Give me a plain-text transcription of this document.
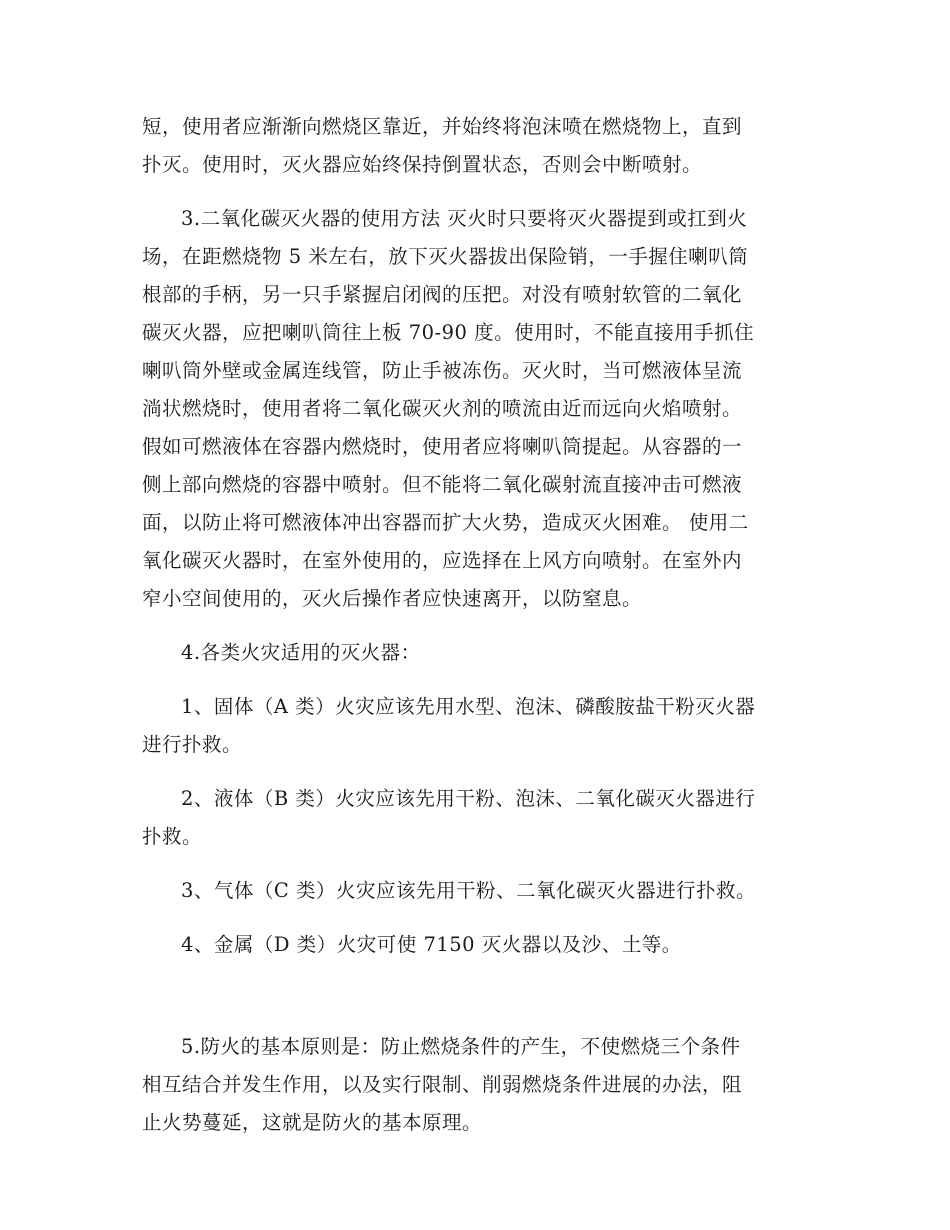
短，使用者应渐渐向燃烧区靠近，并始终将泡沫喷在燃烧物上，直到
扑灭。使用时，灭火器应始终保持倒置状态，否则会中断喷射。

3.二氧化碳灭火器的使用方法 灭火时只要将灭火器提到或扛到火
场，在距燃烧物 5 米左右，放下灭火器拔出保险销，一手握住喇叭筒
根部的手柄，另一只手紧握启闭阀的压把。对没有喷射软管的二氧化
碳灭火器，应把喇叭筒往上板 70-90 度。使用时，不能直接用手抓住
喇叭筒外壁或金属连线管，防止手被冻伤。灭火时，当可燃液体呈流
淌状燃烧时，使用者将二氧化碳灭火剂的喷流由近而远向火焰喷射。
假如可燃液体在容器内燃烧时，使用者应将喇叭筒提起。从容器的一
侧上部向燃烧的容器中喷射。但不能将二氧化碳射流直接冲击可燃液
面，以防止将可燃液体冲出容器而扩大火势，造成灭火困难。 使用二
氧化碳灭火器时，在室外使用的，应选择在上风方向喷射。在室外内
窄小空间使用的，灭火后操作者应快速离开，以防窒息。

4.各类火灾适用的灭火器：

1、固体（A 类）火灾应该先用水型、泡沫、磷酸胺盐干粉灭火器
进行扑救。

2、液体（B 类）火灾应该先用干粉、泡沫、二氧化碳灭火器进行
扑救。

3、气体（C 类）火灾应该先用干粉、二氧化碳灭火器进行扑救。

4、金属（D 类）火灾可使 7150 灭火器以及沙、土等。

5.防火的基本原则是：防止燃烧条件的产生，不使燃烧三个条件
相互结合并发生作用，以及实行限制、削弱燃烧条件进展的办法，阻
止火势蔓延，这就是防火的基本原理。
